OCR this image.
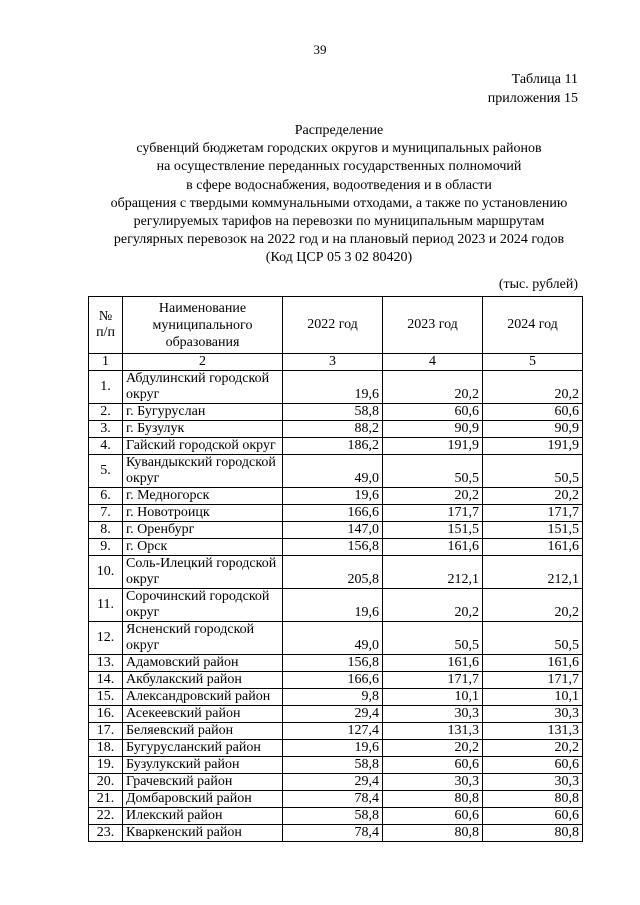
39
Таблица 11
приложения 15
Распределение
субвенций бюджетам городских округов и муниципальных районов
на осуществление переданных государственных полномочий
в сфере водоснабжения, водоотведения и в области
обращения с твердыми коммунальными отходами, а также по установлению
регулируемых тарифов на перевозки по муниципальным маршрутам
регулярных перевозок на 2022 год и на плановый период 2023 и 2024 годов
(Код ЦСР 05 3 02 80420)
(тыс. рублей)
№ п/п	Наименование муниципального образования	2022 год	2023 год	2024 год
1	2	3	4	5
1.	Абдулинский городской округ	19,6	20,2	20,2
2.	г. Бугуруслан	58,8	60,6	60,6
3.	г. Бузулук	88,2	90,9	90,9
4.	Гайский городской округ	186,2	191,9	191,9
5.	Кувандыкский городской округ	49,0	50,5	50,5
6.	г. Медногорск	19,6	20,2	20,2
7.	г. Новотроицк	166,6	171,7	171,7
8.	г. Оренбург	147,0	151,5	151,5
9.	г. Орск	156,8	161,6	161,6
10.	Соль-Илецкий городской округ	205,8	212,1	212,1
11.	Сорочинский городской округ	19,6	20,2	20,2
12.	Ясненский городской округ	49,0	50,5	50,5
13.	Адамовский район	156,8	161,6	161,6
14.	Акбулакский район	166,6	171,7	171,7
15.	Александровский район	9,8	10,1	10,1
16.	Асекеевский район	29,4	30,3	30,3
17.	Беляевский район	127,4	131,3	131,3
18.	Бугурусланский район	19,6	20,2	20,2
19.	Бузулукский район	58,8	60,6	60,6
20.	Грачевский район	29,4	30,3	30,3
21.	Домбаровский район	78,4	80,8	80,8
22.	Илекский район	58,8	60,6	60,6
23.	Кваркенский район	78,4	80,8	80,8
